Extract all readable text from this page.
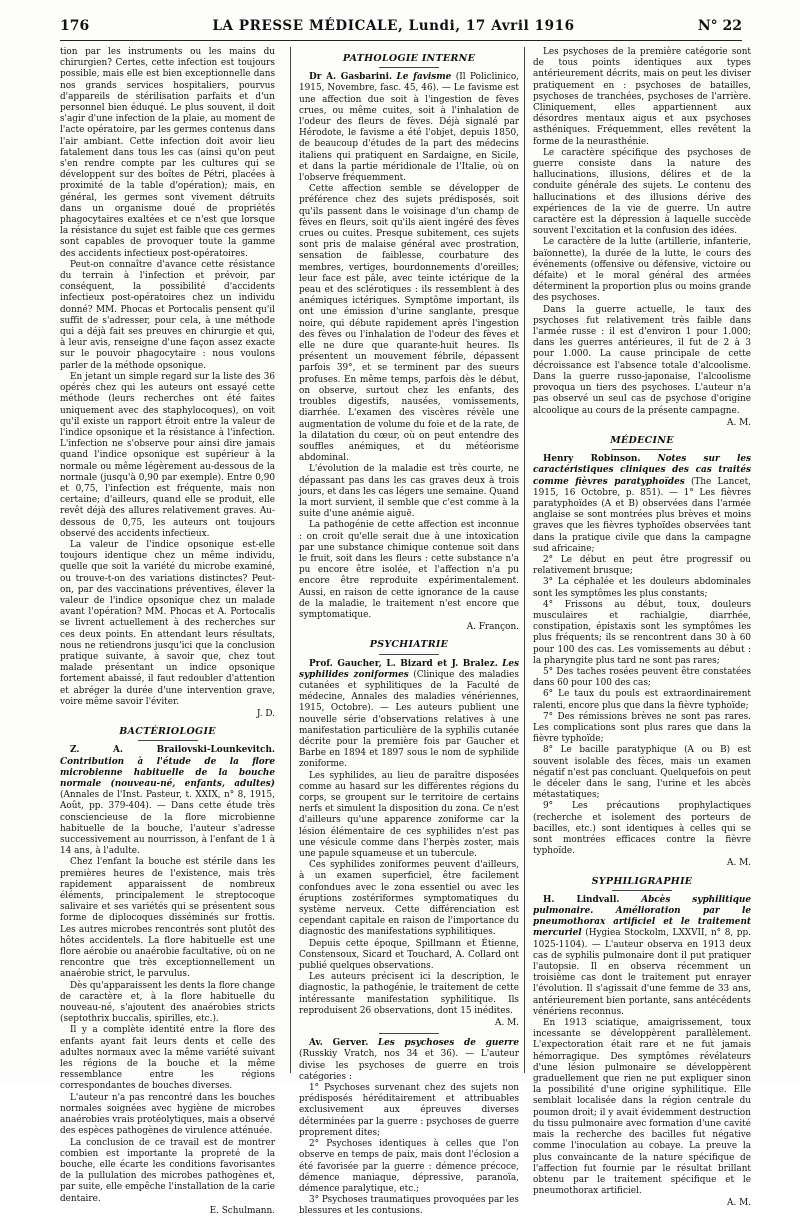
176	LA PRESSE MÉDICALE, Lundi, 17 Avril 1916	N° 22

tion par les instruments ou les mains du chirurgien? Certes, cette infection est toujours possible, mais elle est bien exceptionnelle dans nos grands services hospitaliers, pourvus d'appareils de stérilisation parfaits et d'un personnel bien éduqué. Le plus souvent, il doit s'agir d'une infection de la plaie, au moment de l'acte opératoire, par les germes contenus dans l'air ambiant. Cette infection doit avoir lieu fatalement dans tous les cas (ainsi qu'on peut s'en rendre compte par les cultures qui se développent sur des boîtes de Pétri, placées à proximité de la table d'opération); mais, en général, les germes sont vivement détruits dans un organisme doué de propriétés phagocytaires exaltées et ce n'est que lorsque la résistance du sujet est faible que ces germes sont capables de provoquer toute la gamme des accidents infectieux post-opératoires.

Peut-on connaître d'avance cette résistance du terrain à l'infection et prévoir, par conséquent, la possibilité d'accidents infectieux post-opératoires chez un individu donné? MM. Phocas et Portocalis pensent qu'il suffit de s'adresser, pour cela, à une méthode qui a déjà fait ses preuves en chirurgie et qui, à leur avis, renseigne d'une façon assez exacte sur le pouvoir phagocytaire : nous voulons parler de la méthode opsonique.

En jetant un simple regard sur la liste des 36 opérés chez qui les auteurs ont essayé cette méthode (leurs recherches ont été faites uniquement avec des staphylocoques), on voit qu'il existe un rapport étroit entre la valeur de l'indice opsonique et la résistance à l'infection. L'infection ne s'observe pour ainsi dire jamais quand l'indice opsonique est supérieur à la normale ou même légèrement au-dessous de la normale (jusqu'à 0,90 par exemple). Entre 0,90 et 0,75, l'infection est fréquente, mais non certaine; d'ailleurs, quand elle se produit, elle revêt déjà des allures relativement graves. Au-dessous de 0,75, les auteurs ont toujours observé des accidents infectieux.

La valeur de l'indice opsonique est-elle toujours identique chez un même individu, quelle que soit la variété du microbe examiné, ou trouve-t-on des variations distinctes? Peut-on, par des vaccinations préventives, élever la valeur de l'indice opsonique chez un malade avant l'opération? MM. Phocas et A. Portocalis se livrent actuellement à des recherches sur ces deux points. En attendant leurs résultats, nous ne retiendrons jusqu'ici que la conclusion pratique suivante, à savoir que, chez tout malade présentant un indice opsonique fortement abaissé, il faut redoubler d'attention et abréger la durée d'une intervention grave, voire même savoir l'éviter.

J. D.
BACTÉRIOLOGIE

Z. A. Brailovski-Lounkevitch. Contribution à l'étude de la flore microbienne habituelle de la bouche normale (nouveau-né, enfants, adultes) (Annales de l'Inst. Pasteur, t. XXIX, n° 8, 1915, Août, pp. 379-404). — Dans cette étude très consciencieuse de la flore microbienne habituelle de la bouche, l'auteur s'adresse successivement au nourrisson, à l'enfant de 1 à 14 ans, à l'adulte.

Chez l'enfant la bouche est stérile dans les premières heures de l'existence, mais très rapidement apparaissent de nombreux éléments, principalement le streptocoque salivaire et ses variétés qui se présentent sous forme de diplocoques disséminés sur frottis. Les autres microbes rencontrés sont plutôt des hôtes accidentels. La flore habituelle est une flore aérobie ou anaérobie facultative, où on ne rencontre que très exceptionnellement un anaérobie strict, le parvulus.

Dès qu'apparaissent les dents la flore change de caractère et, à la flore habituelle du nouveau-né, s'ajoutent des anaérobies stricts (septothrix buccalis, spirilles, etc.).

Il y a complète identité entre la flore des enfants ayant fait leurs dents et celle des adultes normaux avec la même variété suivant les régions de la bouche et la même ressemblance entre les régions correspondantes de bouches diverses.

L'auteur n'a pas rencontré dans les bouches normales soignées avec hygiène de microbes anaérobies vrais protéolytiques, mais a observé des espèces pathogènes de virulence atténuée.

La conclusion de ce travail est de montrer combien est importante la propreté de la bouche, elle écarte les conditions favorisantes de la pullulation des microbes pathogènes et, par suite, elle empêche l'installation de la carie dentaire.

E. Schulmann.
PATHOLOGIE INTERNE

Dr A. Gasbarini. Le favisme (Il Policlinico, 1915, Novembre, fasc. 45, 46). — Le favisme est une affection due soit à l'ingestion de fèves crues, ou même cuites, soit à l'inhalation de l'odeur des fleurs de fèves. Déjà signalé par Hérodote, le favisme a été l'objet, depuis 1850, de beaucoup d'études de la part des médecins italiens qui pratiquent en Sardaigne, en Sicile, et dans la partie méridionale de l'Italie, où on l'observe fréquemment.

Cette affection semble se développer de préférence chez des sujets prédisposés, soit qu'ils passent dans le voisinage d'un champ de fèves en fleurs, soit qu'ils aient ingéré des fèves crues ou cuites. Presque subitement, ces sujets sont pris de malaise général avec prostration, sensation de faiblesse, courbature des membres, vertiges, bourdonnements d'oreilles; leur face est pâle, avec teinte ictérique de la peau et des sclérotiques : ils ressemblent à des anémiques ictériques. Symptôme important, ils ont une émission d'urine sanglante, presque noire, qui débute rapidement après l'ingestion des fèves ou l'inhalation de l'odeur des fèves et elle ne dure que quarante-huit heures. Ils présentent un mouvement fébrile, dépassent parfois 39°, et se terminent par des sueurs profuses. En même temps, parfois dès le début, on observe, surtout chez les enfants, des troubles digestifs, nausées, vomissements, diarrhée. L'examen des viscères révèle une augmentation de volume du foie et de la rate, de la dilatation du cœur, où on peut entendre des souffles anémiques, et du météorisme abdominal.

L'évolution de la maladie est très courte, ne dépassant pas dans les cas graves deux à trois jours, et dans les cas légers une semaine. Quand la mort survient, il semble que c'est comme à la suite d'une anémie aiguë.

La pathogénie de cette affection est inconnue : on croit qu'elle serait due à une intoxication par une substance chimique contenue soit dans le fruit, soit dans les fleurs : cette substance n'a pu encore être isolée, et l'affection n'a pu encore être reproduite expérimentalement. Aussi, en raison de cette ignorance de la cause de la maladie, le traitement n'est encore que symptomatique.

A. Françon.
PSYCHIATRIE

Prof. Gaucher, L. Bizard et J. Bralez. Les syphilides zoniformes (Clinique des maladies cutanées et syphilitiques de la Faculté de médecine, Annales des maladies vénériennes, 1915, Octobre). — Les auteurs publient une nouvelle série d'observations relatives à une manifestation particulière de la syphilis cutanée décrite pour la première fois par Gaucher et Barbe en 1894 et 1897 sous le nom de syphilide zoniforme.

Les syphilides, au lieu de paraître disposées comme au hasard sur les différentes régions du corps, se groupent sur le territoire de certains nerfs et simulent la disposition du zona. Ce n'est d'ailleurs qu'une apparence zoniforme car la lésion élémentaire de ces syphilides n'est pas une vésicule comme dans l'herpès zoster, mais une papule squameuse et un tubercule.

Ces syphilides zoniformes peuvent d'ailleurs, à un examen superficiel, être facilement confondues avec le zona essentiel ou avec les éruptions zostériformes symptomatiques du système nerveux. Cette différenciation est cependant capitale en raison de l'importance du diagnostic des manifestations syphilitiques.

Depuis cette époque, Spillmann et Étienne, Constensoux, Sicard et Touchard, A. Collard ont publié quelques observations.

Les auteurs précisent ici la description, le diagnostic, la pathogénie, le traitement de cette intéressante manifestation syphilitique. Ils reproduisent 26 observations, dont 15 inédites.

A. M.

Av. Gerver. Les psychoses de guerre (Russkiy Vratch, nos 34 et 36). — L'auteur divise les psychoses de guerre en trois catégories :

1° Psychoses survenant chez des sujets non prédisposés héréditairement et attribuables exclusivement aux épreuves diverses déterminées par la guerre : psychoses de guerre proprement dites;

2° Psychoses identiques à celles que l'on observe en temps de paix, mais dont l'éclosion a été favorisée par la guerre : démence précoce, démence maniaque, dépressive, paranoïa, démence paralytique, etc.;

3° Psychoses traumatiques provoquées par les blessures et les contusions.

Les psychoses de la première catégorie sont de tous points identiques aux types antérieurement décrits, mais on peut les diviser pratiquement en : psychoses de batailles, psychoses de tranchées, psychoses de l'arrière. Cliniquement, elles appartiennent aux désordres mentaux aigus et aux psychoses asthéniques. Fréquemment, elles revêtent la forme de la neurasthénie.

Le caractère spécifique des psychoses de guerre consiste dans la nature des hallucinations, illusions, délires et de la conduite générale des sujets. Le contenu des hallucinations et des illusions dérive des expériences de la vie de guerre. Un autre caractère est la dépression à laquelle succède souvent l'excitation et la confusion des idées.

Le caractère de la lutte (artillerie, infanterie, baïonnette), la durée de la lutte, le cours des événements (offensive ou défensive, victoire ou défaite) et le moral général des armées déterminent la proportion plus ou moins grande des psychoses.

Dans la guerre actuelle, le taux des psychoses fut relativement très faible dans l'armée russe : il est d'environ 1 pour 1.000; dans les guerres antérieures, il fut de 2 à 3 pour 1.000. La cause principale de cette décroissance est l'absence totale d'alcoolisme. Dans la guerre russo-japonaise, l'alcoolisme provoqua un tiers des psychoses. L'auteur n'a pas observé un seul cas de psychose d'origine alcoolique au cours de la présente campagne.

A. M.
MÉDECINE

Henry Robinson. Notes sur les caractéristiques cliniques des cas traités comme fièvres paratyphoïdes (The Lancet, 1915, 16 Octobre, p. 851). — 1° Les fièvres paratyphoïdes (A et B) observées dans l'armée anglaise se sont montrées plus brèves et moins graves que les fièvres typhoïdes observées tant dans la pratique civile que dans la campagne sud africaine;

2° Le début en peut être progressif ou relativement brusque;

3° La céphalée et les douleurs abdominales sont les symptômes les plus constants;

4° Frissons au début, toux, douleurs musculaires et rachialgie, diarrhée, constipation, épistaxis sont les symptômes les plus fréquents; ils se rencontrent dans 30 à 60 pour 100 des cas. Les vomissements au début : la pharyngite plus tard ne sont pas rares;

5° Des taches rosées peuvent être constatées dans 60 pour 100 des cas;

6° Le taux du pouls est extraordinairement ralenti, encore plus que dans la fièvre typhoïde;

7° Des rémissions brèves ne sont pas rares. Les complications sont plus rares que dans la fièvre typhoïde;

8° Le bacille paratyphique (A ou B) est souvent isolable des fèces, mais un examen négatif n'est pas concluant. Quelquefois on peut le déceler dans le sang, l'urine et les abcès métastatiques;

9° Les précautions prophylactiques (recherche et isolement des porteurs de bacilles, etc.) sont identiques à celles qui se sont montrées efficaces contre la fièvre typhoïde.

A. M.
SYPHILIGRAPHIE

H. Lindvall. Abcès syphilitique pulmonaire. Amélioration par le pneumothorax artificiel et le traitement mercuriel (Hygiea Stockolm, LXXVII, n° 8, pp. 1025-1104). — L'auteur observa en 1913 deux cas de syphilis pulmonaire dont il put pratiquer l'autopsie. Il en observa récemment un troisième cas dont le traitement put enrayer l'évolution. Il s'agissait d'une femme de 33 ans, antérieurement bien portante, sans antécédents vénériens reconnus.

En 1913 sciatique, amaigrissement, toux incessante se développèrent parallèlement. L'expectoration était rare et ne fut jamais hémorragique. Des symptômes révélateurs d'une lésion pulmonaire se développèrent graduellement que rien ne put expliquer sinon la possibilité d'une origine syphilitique. Elle semblait localisée dans la région centrale du poumon droit; il y avait évidemment destruction du tissu pulmonaire avec formation d'une cavité mais la recherche des bacilles fut négative comme l'inoculation au cobaye. La preuve la plus convaincante de la nature spécifique de l'affection fut fournie par le résultat brillant obtenu par le traitement spécifique et le pneumothorax artificiel.

A. M.
